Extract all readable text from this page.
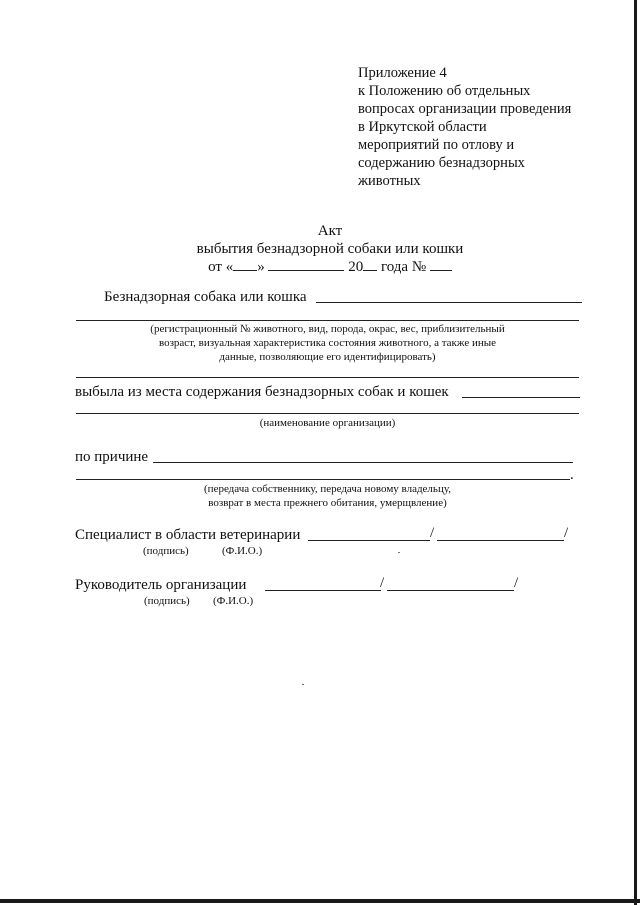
Приложение 4
к Положению об отдельных
вопросах организации проведения
в Иркутской области
мероприятий по отлову и
содержанию безнадзорных
животных
Акт
выбытия безнадзорной собаки или кошки
от « »	20 года №
Безнадзорная собака или кошка
(регистрационный № животного, вид, порода, окрас, вес, приблизительный
возраст, визуальная характеристика состояния животного, а также иные
данные, позволяющие его идентифицировать)
выбыла из места содержания безнадзорных собак и кошек
(наименование организации)
по причине
.
(передача собственнику, передача новому владельцу,
возврат в места прежнего обитания, умерщвление)
Специалист в области ветеринарии	/	/
(подпись)	(Ф.И.О.)
Руководитель организации	/	/
(подпись) (Ф.И.О.)
